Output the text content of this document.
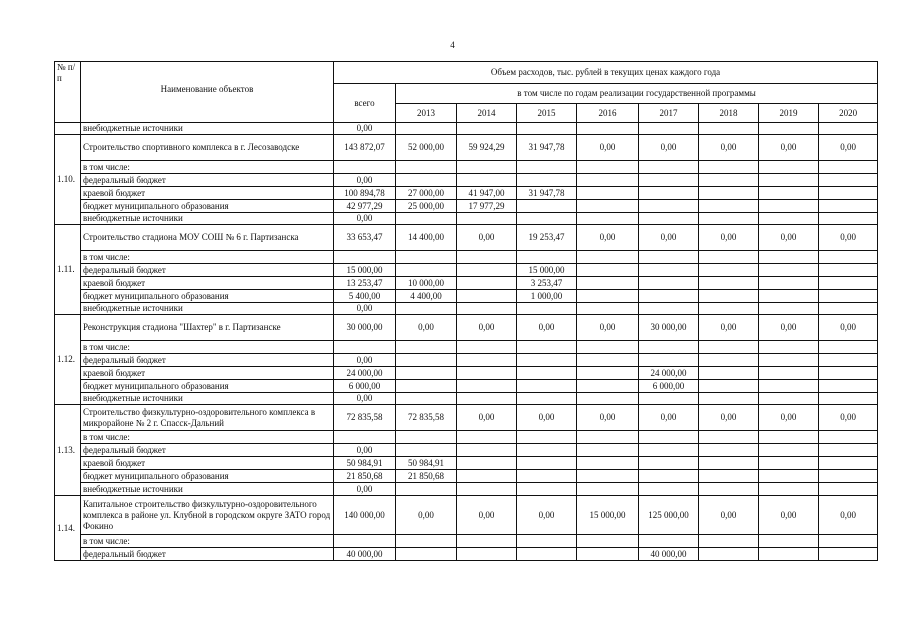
4
№ п/п	Наименование объектов	Объем расходов, тыс. рублей в текущих ценах каждого года								
		всего	в том числе по годам реализации государственной программы							
			2013	2014	2015	2016	2017	2018	2019	2020
	внебюджетные источники	0,00								
1.10.	Строительство спортивного комплекса в г. Лесозаводске	143 872,07	52 000,00	59 924,29	31 947,78	0,00	0,00	0,00	0,00	0,00
	в том числе:									
	федеральный бюджет	0,00								
	краевой бюджет	100 894,78	27 000,00	41 947,00	31 947,78					
	бюджет муниципального образования	42 977,29	25 000,00	17 977,29						
	внебюджетные источники	0,00								
1.11.	Строительство стадиона МОУ СОШ № 6 г. Партизанска	33 653,47	14 400,00	0,00	19 253,47	0,00	0,00	0,00	0,00	0,00
	в том числе:									
	федеральный бюджет	15 000,00			15 000,00					
	краевой бюджет	13 253,47	10 000,00		3 253,47					
	бюджет муниципального образования	5 400,00	4 400,00		1 000,00					
	внебюджетные источники	0,00								
1.12.	Реконструкция стадиона "Шахтер" в г. Партизанске	30 000,00	0,00	0,00	0,00	0,00	30 000,00	0,00	0,00	0,00
	в том числе:									
	федеральный бюджет	0,00								
	краевой бюджет	24 000,00					24 000,00			
	бюджет муниципального образования	6 000,00					6 000,00			
	внебюджетные источники	0,00								
1.13.	Строительство физкультурно-оздоровительного комплекса в микрорайоне № 2 г. Спасск-Дальний	72 835,58	72 835,58	0,00	0,00	0,00	0,00	0,00	0,00	0,00
	в том числе:									
	федеральный бюджет	0,00								
	краевой бюджет	50 984,91	50 984,91							
	бюджет муниципального образования	21 850,68	21 850,68							
	внебюджетные источники	0,00								
1.14.	Капитальное строительство физкультурно-оздоровительного комплекса в районе ул. Клубной в городском округе ЗАТО город Фокино	140 000,00	0,00	0,00	0,00	15 000,00	125 000,00	0,00	0,00	0,00
	в том числе:									
	федеральный бюджет	40 000,00					40 000,00			
